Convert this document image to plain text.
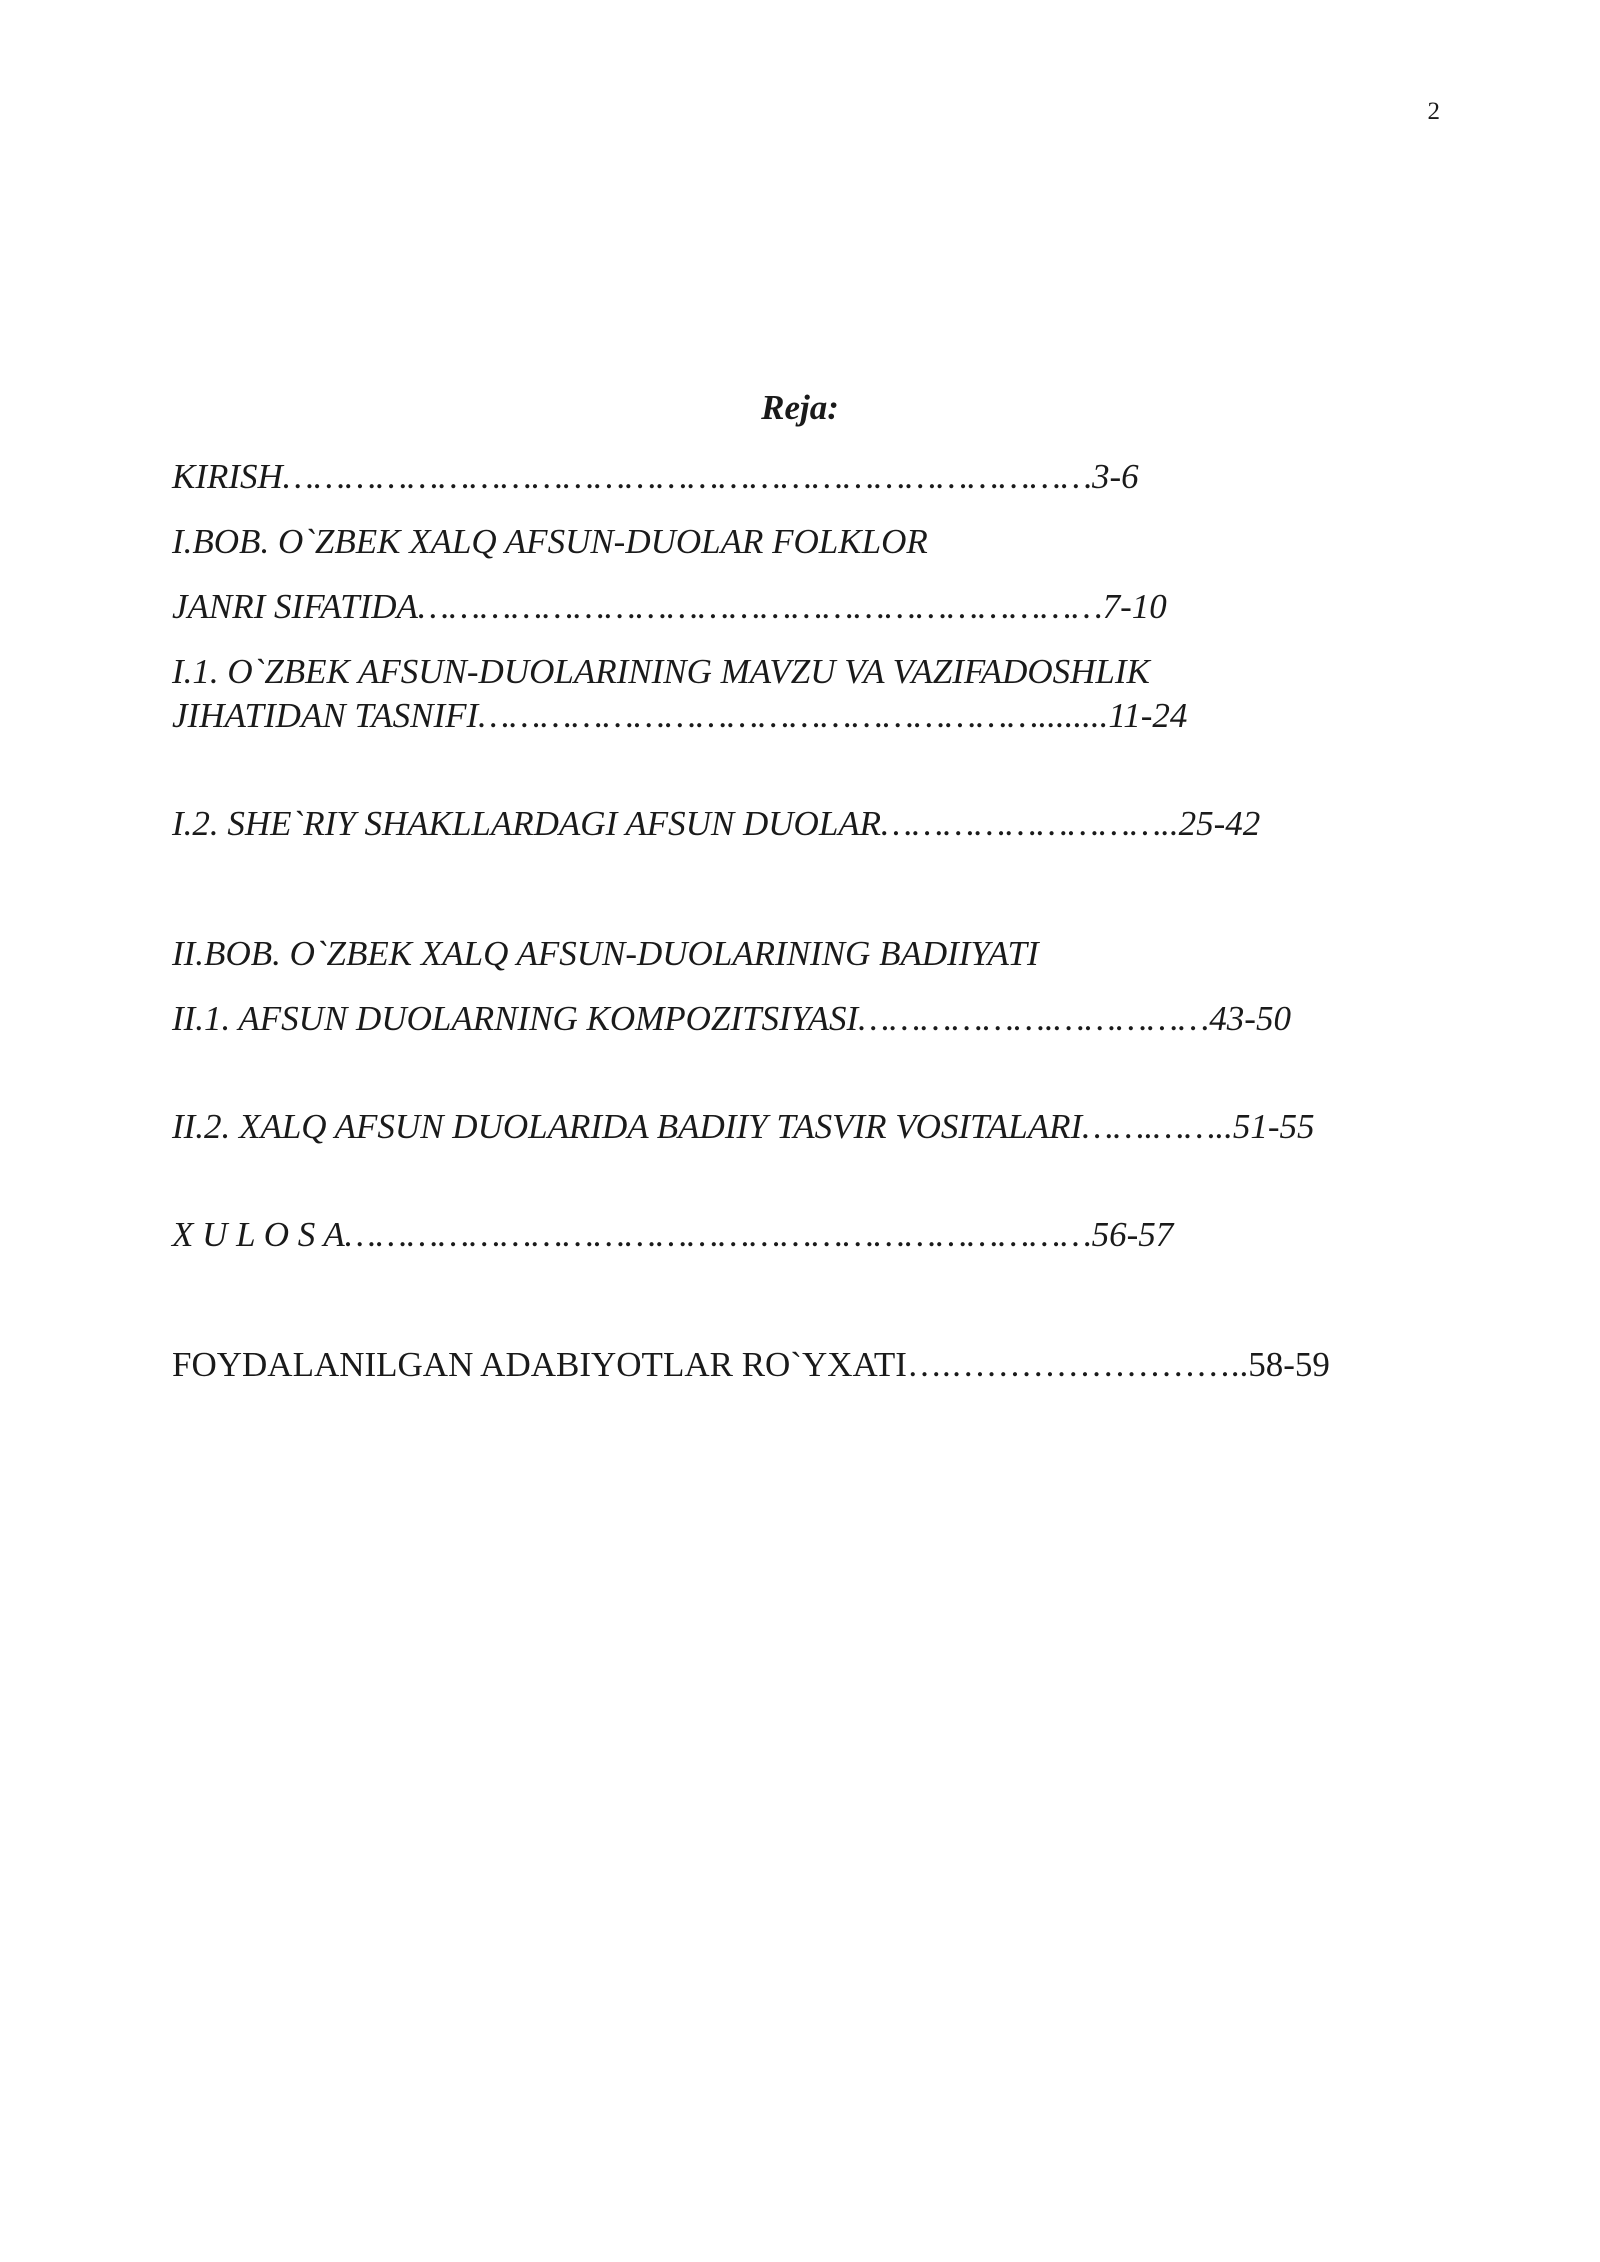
2
Reja:
KIRISH……………………………………………………………………3-6
I.BOB. O`ZBEK XALQ AFSUN-DUOLAR FOLKLOR
JANRI SIFATIDA…………………………………………………………7-10
I.1. O`ZBEK AFSUN-DUOLARINING MAVZU VA VAZIFADOSHLIK
JIHATIDAN TASNIFI………………………………………………........11-24
I.2. SHE`RIY SHAKLLARDAGI AFSUN DUOLAR………………………..25-42
II.BOB. O`ZBEK XALQ AFSUN-DUOLARINING BADIIYATI
II.1. AFSUN DUOLARNING KOMPOZITSIYASI……………….……………43-50
II.2. XALQ AFSUN DUOLARIDA BADIIY TASVIR VOSITALARI…….……..51-55
X U L O S A………………………………………………………………56-57
FOYDALANILGAN ADABIYOTLAR RO`YXATI….……………………..58-59
